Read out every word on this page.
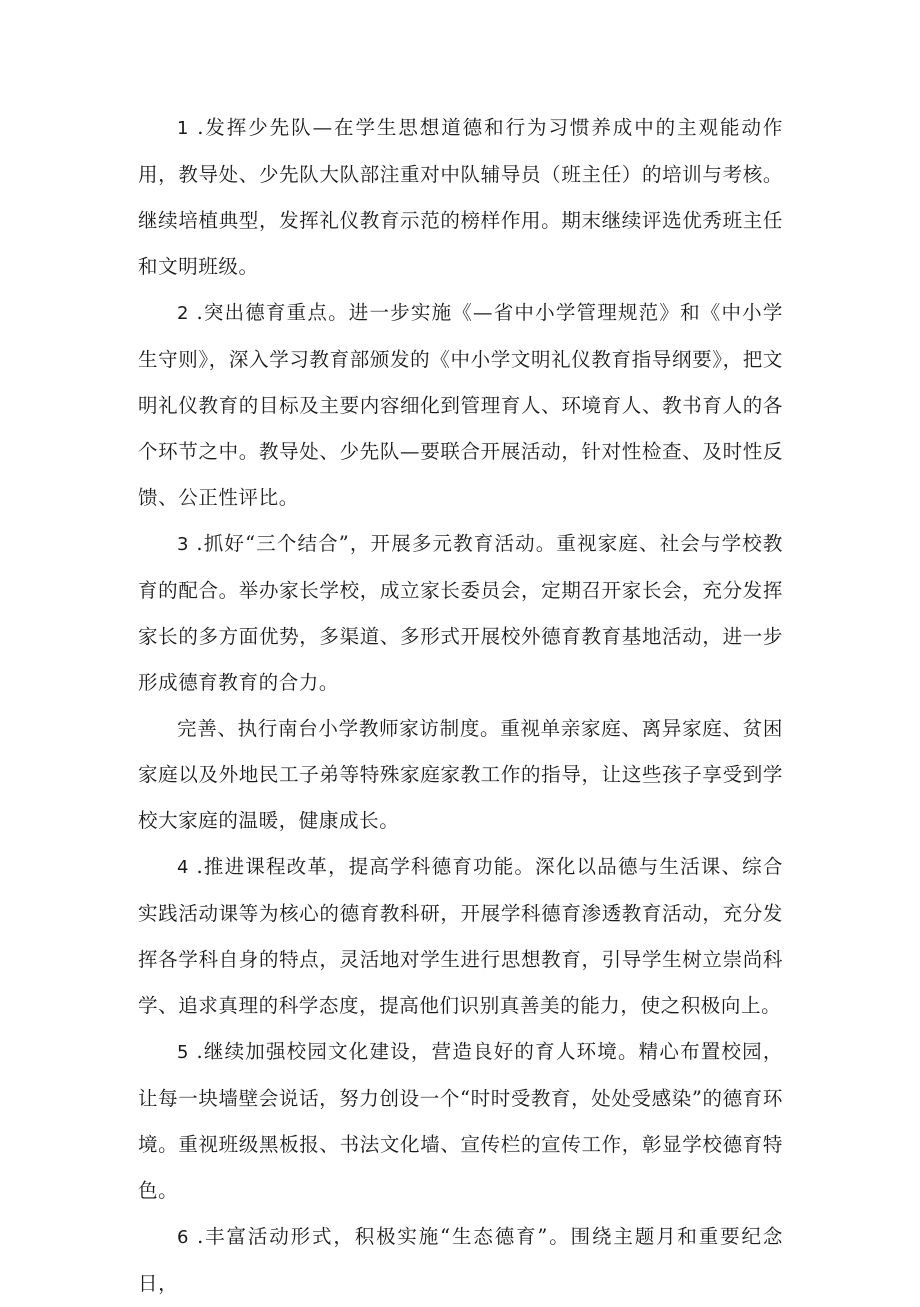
1 .发挥少先队—在学生思想道德和行为习惯养成中的主观能动作用，教导处、少先队大队部注重对中队辅导员（班主任）的培训与考核。继续培植典型，发挥礼仪教育示范的榜样作用。期末继续评选优秀班主任和文明班级。

2 .突出德育重点。进一步实施《—省中小学管理规范》和《中小学生守则》，深入学习教育部颁发的《中小学文明礼仪教育指导纲要》，把文明礼仪教育的目标及主要内容细化到管理育人、环境育人、教书育人的各个环节之中。教导处、少先队—要联合开展活动，针对性检查、及时性反馈、公正性评比。

3 .抓好“三个结合”，开展多元教育活动。重视家庭、社会与学校教育的配合。举办家长学校，成立家长委员会，定期召开家长会，充分发挥家长的多方面优势，多渠道、多形式开展校外德育教育基地活动，进一步形成德育教育的合力。

完善、执行南台小学教师家访制度。重视单亲家庭、离异家庭、贫困家庭以及外地民工子弟等特殊家庭家教工作的指导，让这些孩子享受到学校大家庭的温暖，健康成长。

4 .推进课程改革，提高学科德育功能。深化以品德与生活课、综合实践活动课等为核心的德育教科研，开展学科德育渗透教育活动，充分发挥各学科自身的特点，灵活地对学生进行思想教育，引导学生树立崇尚科学、追求真理的科学态度，提高他们识别真善美的能力，使之积极向上。

5 .继续加强校园文化建设，营造良好的育人环境。精心布置校园，让每一块墙壁会说话，努力创设一个“时时受教育，处处受感染”的德育环境。重视班级黑板报、书法文化墙、宣传栏的宣传工作，彰显学校德育特色。

6 .丰富活动形式，积极实施“生态德育”。围绕主题月和重要纪念日，
